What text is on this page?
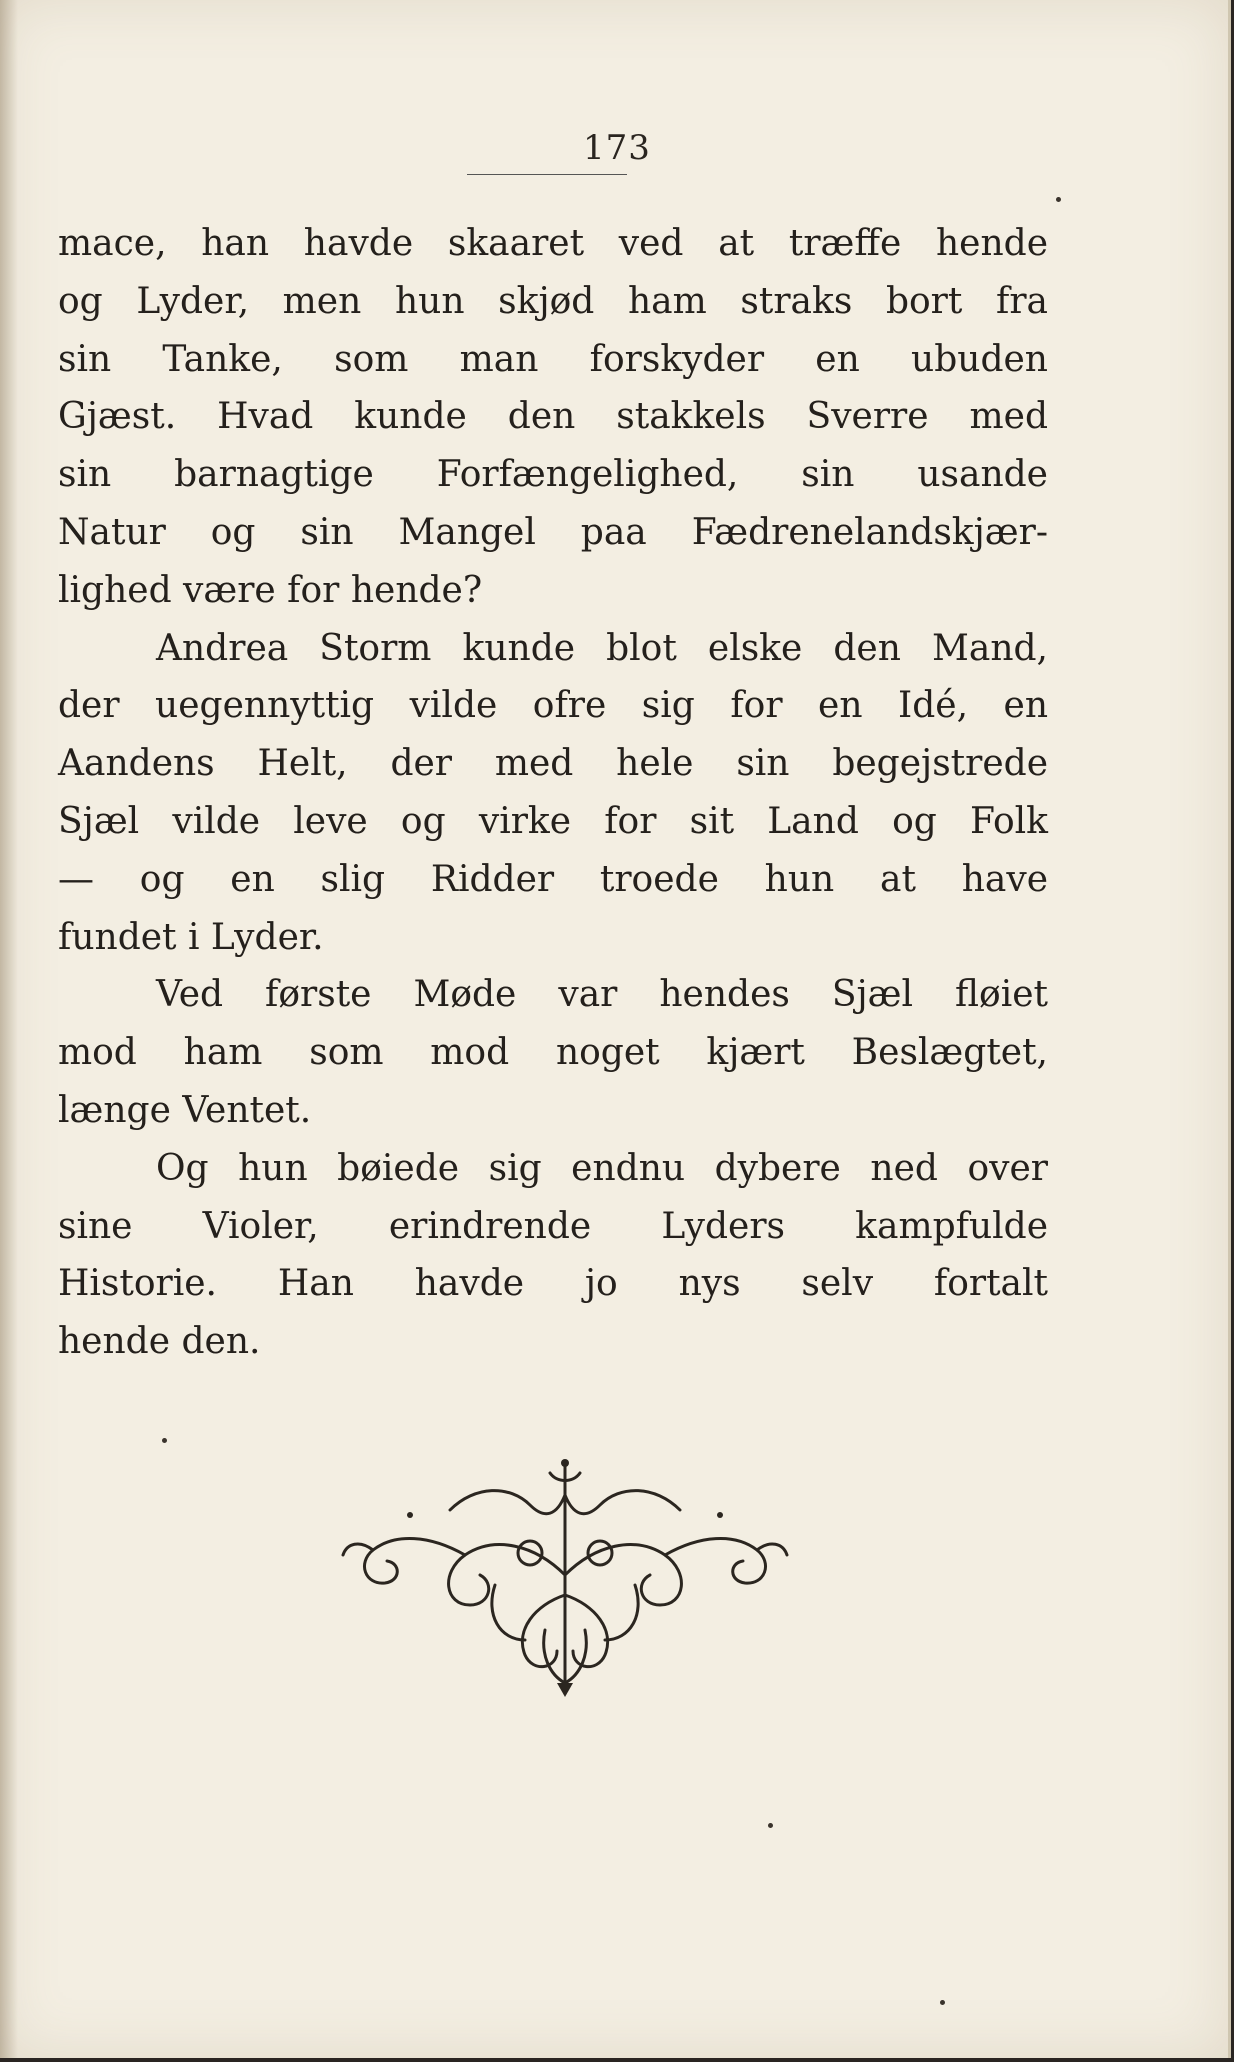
173
mace, han havde skaaret ved at træffe hende
og Lyder, men hun skjød ham straks bort fra
sin Tanke, som man forskyder en ubuden
Gjæst. Hvad kunde den stakkels Sverre med
sin barnagtige Forfængelighed, sin usande
Natur og sin Mangel paa Fædrenelandskjær-
lighed være for hende?
Andrea Storm kunde blot elske den Mand,
der uegennyttig vilde ofre sig for en Idé, en
Aandens Helt, der med hele sin begejstrede
Sjæl vilde leve og virke for sit Land og Folk
— og en slig Ridder troede hun at have
fundet i Lyder.
Ved første Møde var hendes Sjæl fløiet
mod ham som mod noget kjært Beslægtet,
længe Ventet.
Og hun bøiede sig endnu dybere ned over
sine Violer, erindrende Lyders kampfulde
Historie. Han havde jo nys selv fortalt
hende den.
